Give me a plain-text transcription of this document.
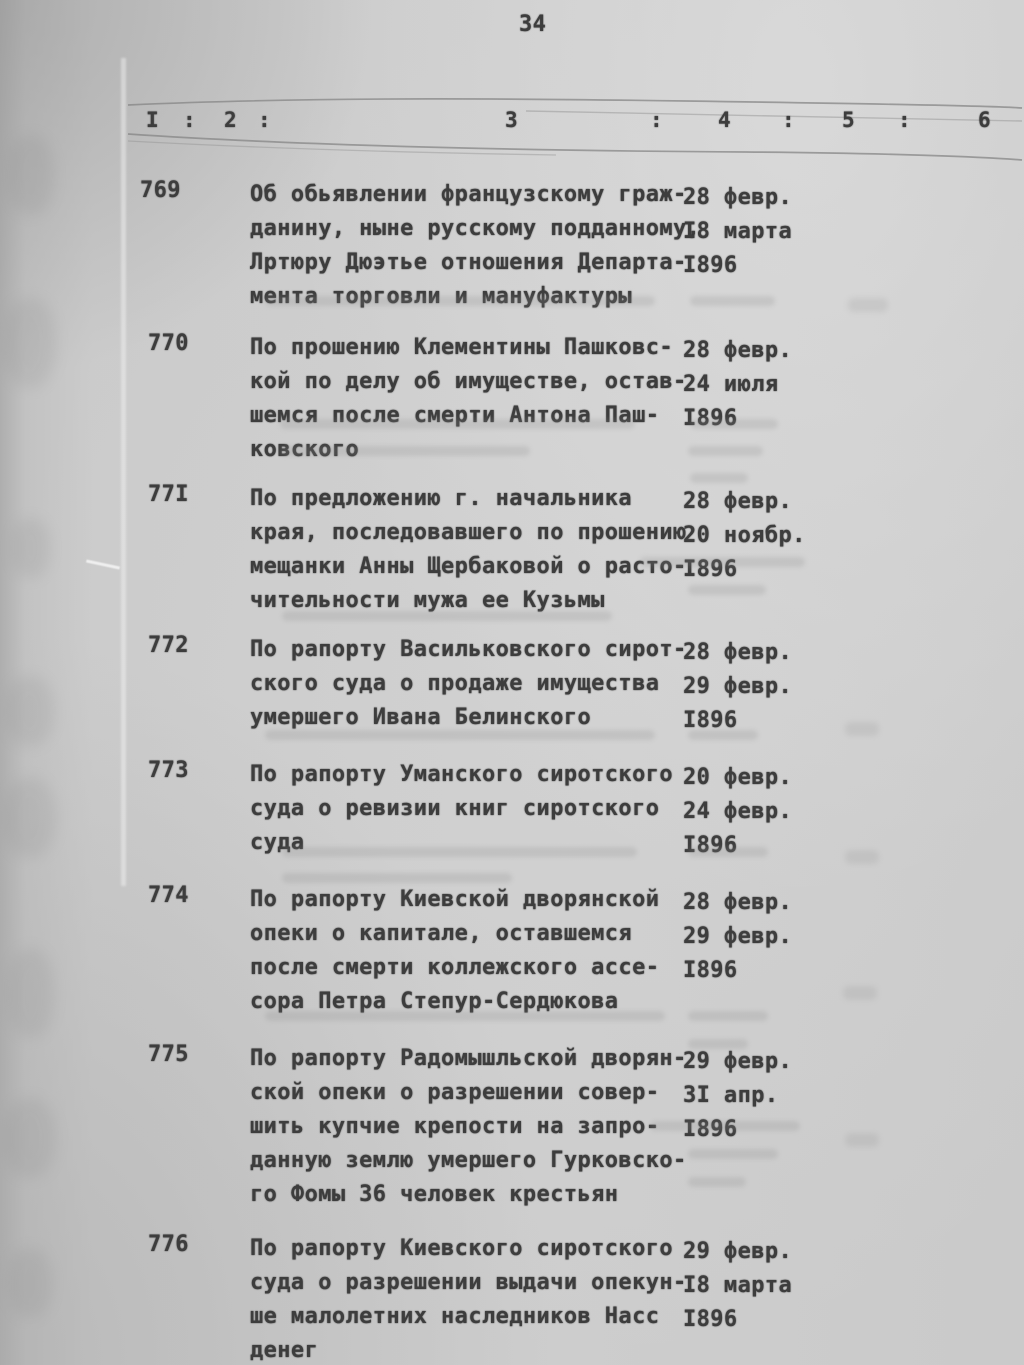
34
I : 2 :	3	:	4 : 5 :	6
769	Об обьявлении французскому граж-
данину, ныне русскому подданному,
Лртюру Дюэтье отношения Департа-
мента торговли и мануфактуры
28 февр.
I8 марта
I896
770	По прошению Клементины Пашковс-
кой по делу об имуществе, остав-
шемся после смерти Антона Паш-
ковского
28 февр.
24 июля
I896
77I	По предложению г. начальника
края, последовавшего по прошению
мещанки Анны Щербаковой о расто-
чительности мужа ее Кузьмы
28 февр.
20 ноябр.
I896
772	По рапорту Васильковского сирот-
ского суда о продаже имущества
умершего Ивана Белинского
28 февр.
29 февр.
I896
773	По рапорту Уманского сиротского
суда о ревизии книг сиротского
суда
20 февр.
24 февр.
I896
774	По рапорту Киевской дворянской
опеки о капитале, оставшемся
после смерти коллежского ассе-
сора Петра Степур-Сердюкова
28 февр.
29 февр.
I896
775	По рапорту Радомышльской дворян-
ской опеки о разрешении совер-
шить купчие крепости на запро-
данную землю умершего Гурковско-
го Фомы 36 человек крестьян
29 февр.
3I апр.
I896
776	По рапорту Киевского сиротского
суда о разрешении выдачи опекун-
ше малолетних наследников Насс
денег
29 февр.
I8 марта
I896
